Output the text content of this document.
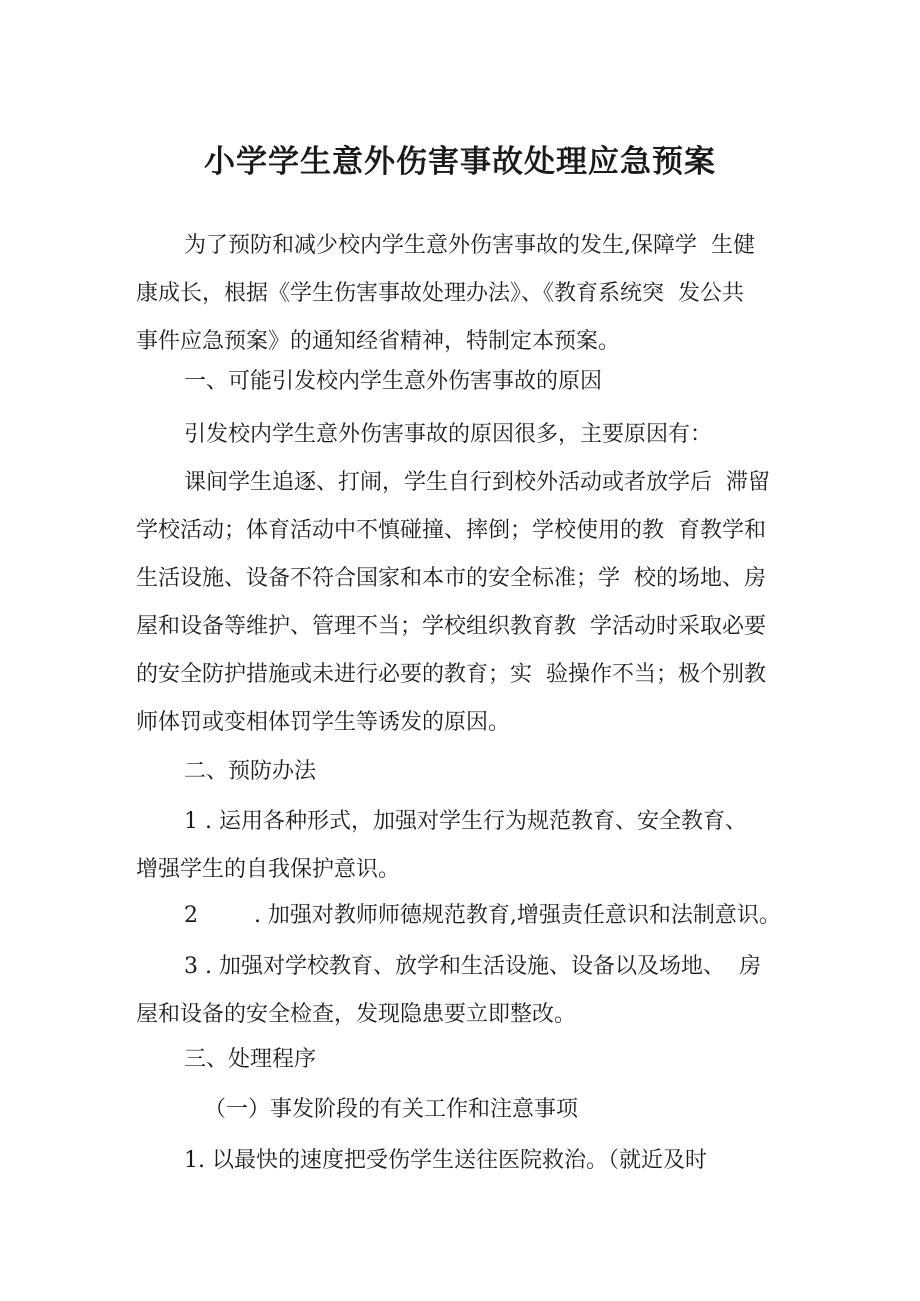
小学学生意外伤害事故处理应急预案
为了预防和减少校内学生意外伤害事故的发生,保障学  生健
康成长，根据《学生伤害事故处理办法》、《教育系统突  发公共
事件应急预案》的通知经省精神，特制定本预案。
一、可能引发校内学生意外伤害事故的原因
引发校内学生意外伤害事故的原因很多，主要原因有：
课间学生追逐、打闹，学生自行到校外活动或者放学后  滞留
学校活动；体育活动中不慎碰撞、摔倒；学校使用的教  育教学和
生活设施、设备不符合国家和本市的安全标准；学  校的场地、房
屋和设备等维护、管理不当；学校组织教育教  学活动时采取必要
的安全防护措施或未进行必要的教育；实  验操作不当；极个别教
师体罚或变相体罚学生等诱发的原因。
二、预防办法
1 . 运用各种形式，加强对学生行为规范教育、安全教育、
增强学生的自我保护意识。
2        . 加强对教师师德规范教育,增强责任意识和法制意识。
3 . 加强对学校教育、放学和生活设施、设备以及场地、  房
屋和设备的安全检查，发现隐患要立即整改。
三、处理程序
（一）事发阶段的有关工作和注意事项
1. 以最快的速度把受伤学生送往医院救治。（就近及时
